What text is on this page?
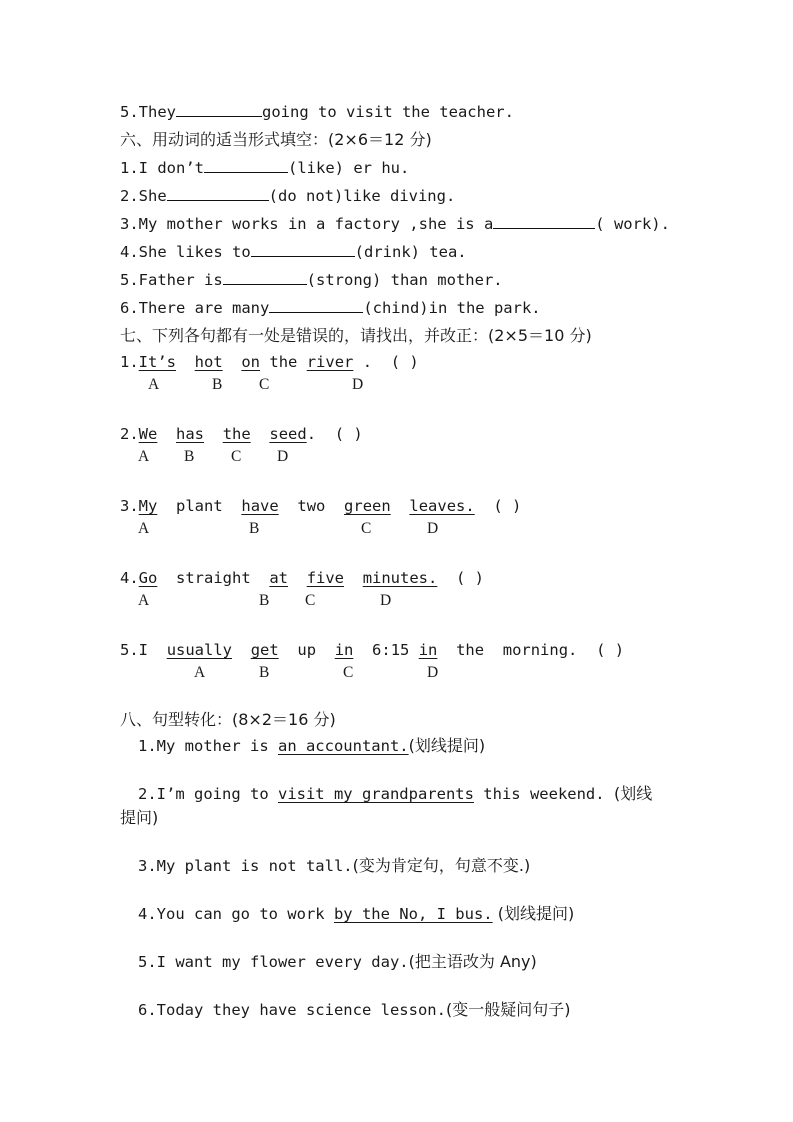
5.They	going to visit the teacher.
六、用动词的适当形式填空：(2×6＝12 分)
1.I don’t	(like) er hu.
2.She	(do not)like diving.
3.My mother works in a factory ,she is a	( work).
4.She likes to	(drink) tea.
5.Father is	(strong) than mother.
6.There are many	(chind)in the park.
七、下列各句都有一处是错误的，请找出，并改正：(2×5＝10 分)
1.It’s hot on the river . ( )
A	B C	D
2.We has the seed. ( )
A B C D
3.My plant have two green leaves. ( )
A	B	C	D
4.Go straight at five minutes. ( )
A	B C	D
5.I usually get up in 6:15 in the morning. ( )
A	B	C	D
八、句型转化：(8×2＝16 分)
1.My mother is an accountant.(划线提问)
2.I’m going to visit my grandparents this weekend. (划线
提问)
3.My plant is not tall.(变为肯定句，句意不变.)
4.You can go to work by the No, I bus. (划线提问)
5.I want my flower every day.(把主语改为 Any)
6.Today they have science lesson.(变一般疑问句子)
